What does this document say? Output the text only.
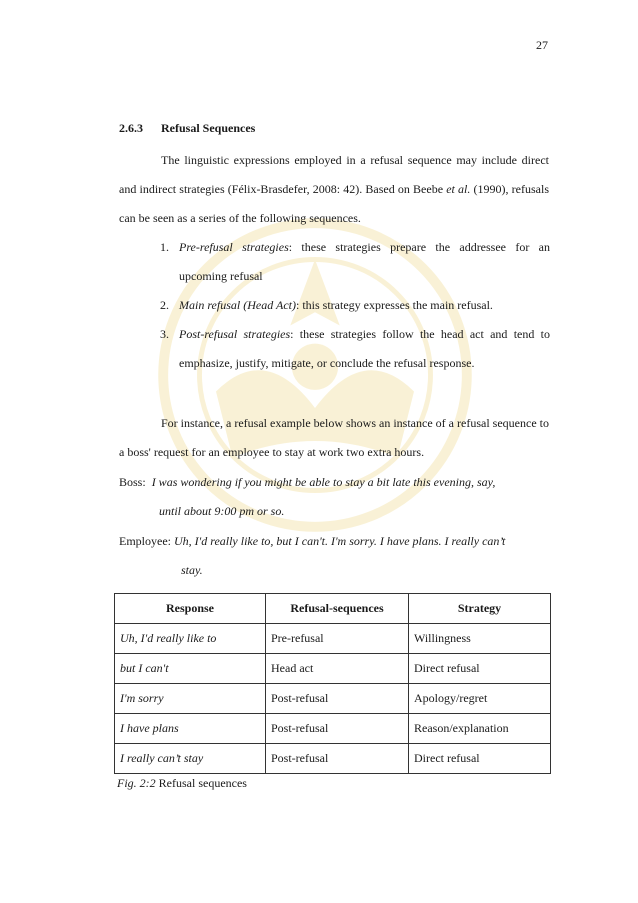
27
2.6.3 Refusal Sequences
The linguistic expressions employed in a refusal sequence may include direct and indirect strategies (Félix-Brasdefer, 2008: 42). Based on Beebe et al. (1990), refusals can be seen as a series of the following sequences.
1. Pre-refusal strategies: these strategies prepare the addressee for an upcoming refusal
2. Main refusal (Head Act): this strategy expresses the main refusal.
3. Post-refusal strategies: these strategies follow the head act and tend to emphasize, justify, mitigate, or conclude the refusal response.
For instance, a refusal example below shows an instance of a refusal sequence to a boss' request for an employee to stay at work two extra hours.
Boss: I was wondering if you might be able to stay a bit late this evening, say,
until about 9:00 pm or so.
Employee: Uh, I'd really like to, but I can't. I'm sorry. I have plans. I really can’t
stay.
Response	Refusal-sequences	Strategy
Uh, I'd really like to	Pre-refusal	Willingness
but I can't	Head act	Direct refusal
I'm sorry	Post-refusal	Apology/regret
I have plans	Post-refusal	Reason/explanation
I really can’t stay	Post-refusal	Direct refusal
Fig. 2:2 Refusal sequences
